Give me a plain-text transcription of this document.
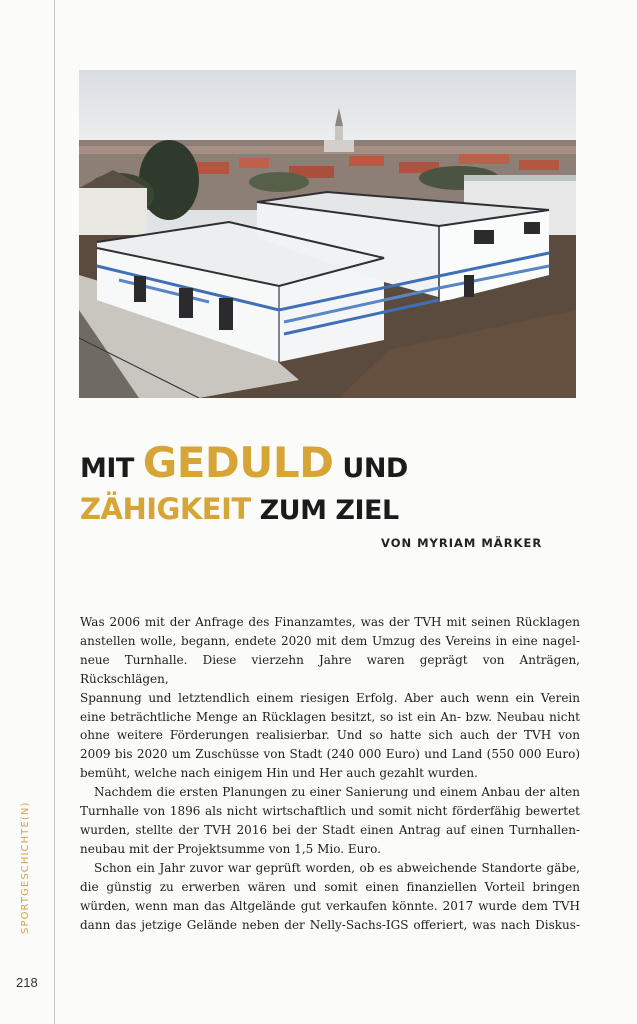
SPORTGESCHICHTE(N)
218
MIT GEDULD UND
ZÄHIGKEIT ZUM ZIEL
VON MYRIAM MÄRKER

Was 2006 mit der Anfrage des Finanzamtes, was der TVH mit seinen Rücklagen

anstellen wolle, begann, endete 2020 mit dem Umzug des Vereins in eine nagel-

neue Turnhalle. Diese vierzehn Jahre waren geprägt von Anträgen, Rückschlägen,

Spannung und letztendlich einem riesigen Erfolg. Aber auch wenn ein Verein

eine beträchtliche Menge an Rücklagen besitzt, so ist ein An- bzw. Neubau nicht

ohne weitere Förderungen realisierbar. Und so hatte sich auch der TVH von

2009 bis 2020 um Zuschüsse von Stadt (240 000 Euro) und Land (550 000 Euro)

bemüht, welche nach einigem Hin und Her auch gezahlt wurden.

Nachdem die ersten Planungen zu einer Sanierung und einem Anbau der alten

Turnhalle von 1896 als nicht wirtschaftlich und somit nicht förderfähig bewertet

wurden, stellte der TVH 2016 bei der Stadt einen Antrag auf einen Turnhallen-

neubau mit der Projektsumme von 1,5 Mio. Euro.

Schon ein Jahr zuvor war geprüft worden, ob es abweichende Standorte gäbe,

die günstig zu erwerben wären und somit einen finanziellen Vorteil bringen

würden, wenn man das Altgelände gut verkaufen könnte. 2017 wurde dem TVH

dann das jetzige Gelände neben der Nelly-Sachs-IGS offeriert, was nach Diskus-
